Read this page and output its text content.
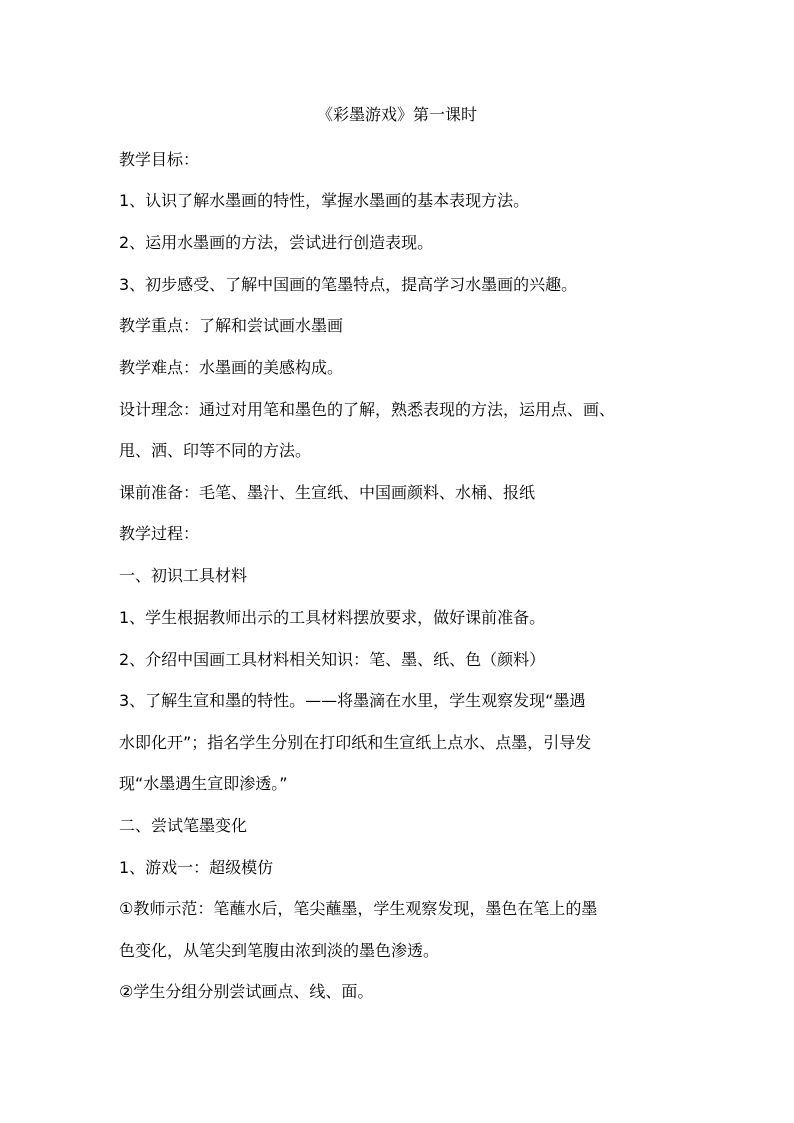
《彩墨游戏》第一课时
教学目标：
1、认识了解水墨画的特性，掌握水墨画的基本表现方法。
2、运用水墨画的方法，尝试进行创造表现。
3、初步感受、了解中国画的笔墨特点，提高学习水墨画的兴趣。
教学重点：了解和尝试画水墨画
教学难点：水墨画的美感构成。
设计理念：通过对用笔和墨色的了解，熟悉表现的方法，运用点、画、
甩、洒、印等不同的方法。
课前准备：毛笔、墨汁、生宣纸、中国画颜料、水桶、报纸
教学过程：
一、初识工具材料
1、学生根据教师出示的工具材料摆放要求，做好课前准备。
2、介绍中国画工具材料相关知识：笔、墨、纸、色（颜料）
3、了解生宣和墨的特性。——将墨滴在水里，学生观察发现“墨遇
水即化开”；指名学生分别在打印纸和生宣纸上点水、点墨，引导发
现“水墨遇生宣即渗透。”
二、尝试笔墨变化
1、游戏一：超级模仿
①教师示范：笔蘸水后，笔尖蘸墨，学生观察发现，墨色在笔上的墨
色变化，从笔尖到笔腹由浓到淡的墨色渗透。
②学生分组分别尝试画点、线、面。
